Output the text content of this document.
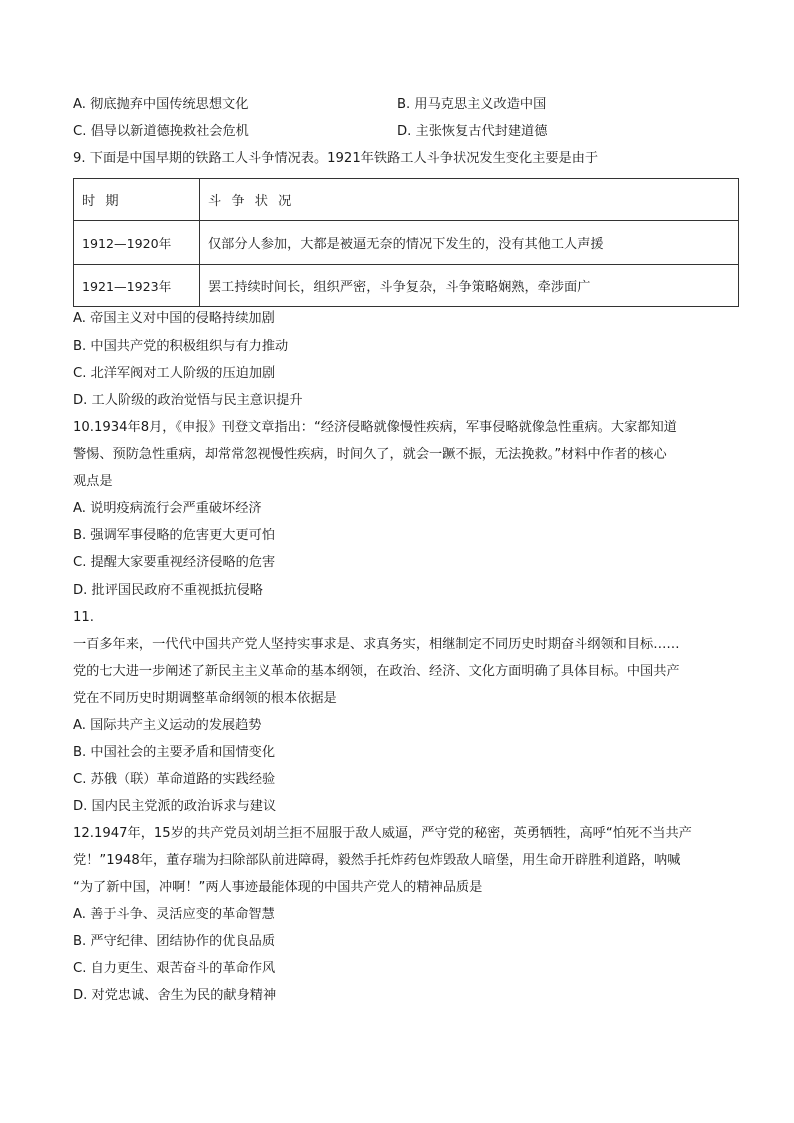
A. 彻底抛弃中国传统思想文化	B. 用马克思主义改造中国
C. 倡导以新道德挽救社会危机	D. 主张恢复古代封建道德
9. 下面是中国早期的铁路工人斗争情况表。1921年铁路工人斗争状况发生变化主要是由于
时 期	斗 争 状 况
1912—1920年	仅部分人参加，大都是被逼无奈的情况下发生的，没有其他工人声援
1921—1923年	罢工持续时间长，组织严密，斗争复杂，斗争策略娴熟，牵涉面广
A. 帝国主义对中国的侵略持续加剧
B. 中国共产党的积极组织与有力推动
C. 北洋军阀对工人阶级的压迫加剧
D. 工人阶级的政治觉悟与民主意识提升
10.1934年8月，《申报》刊登文章指出：“经济侵略就像慢性疾病，军事侵略就像急性重病。大家都知道
警惕、预防急性重病，却常常忽视慢性疾病，时间久了，就会一蹶不振，无法挽救。”材料中作者的核心
观点是
A. 说明疫病流行会严重破坏经济
B. 强调军事侵略的危害更大更可怕
C. 提醒大家要重视经济侵略的危害
D. 批评国民政府不重视抵抗侵略
11.
一百多年来，一代代中国共产党人坚持实事求是、求真务实，相继制定不同历史时期奋斗纲领和目标……
党的七大进一步阐述了新民主主义革命的基本纲领，在政治、经济、文化方面明确了具体目标。中国共产
党在不同历史时期调整革命纲领的根本依据是
A. 国际共产主义运动的发展趋势
B. 中国社会的主要矛盾和国情变化
C. 苏俄（联）革命道路的实践经验
D. 国内民主党派的政治诉求与建议
12.1947年，15岁的共产党员刘胡兰拒不屈服于敌人威逼，严守党的秘密，英勇牺牲，高呼“怕死不当共产
党！”1948年，董存瑞为扫除部队前进障碍，毅然手托炸药包炸毁敌人暗堡，用生命开辟胜利道路，呐喊
“为了新中国，冲啊！”两人事迹最能体现的中国共产党人的精神品质是
A. 善于斗争、灵活应变的革命智慧
B. 严守纪律、团结协作的优良品质
C. 自力更生、艰苦奋斗的革命作风
D. 对党忠诚、舍生为民的献身精神
